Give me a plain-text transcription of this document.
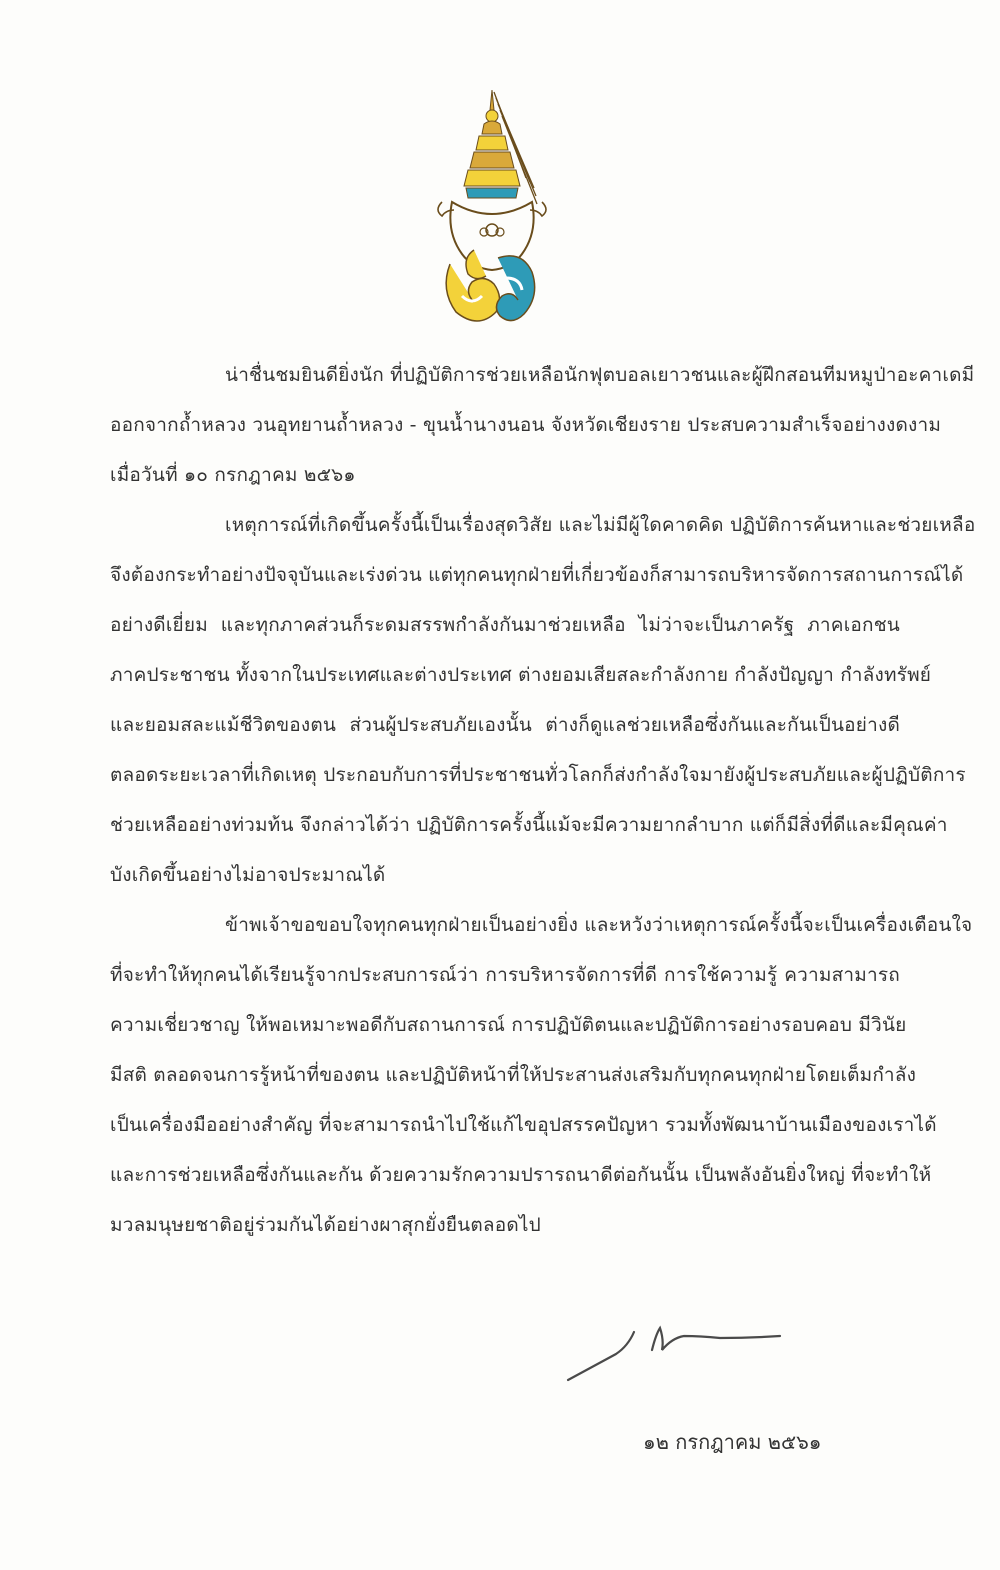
น่าชื่นชมยินดียิ่งนัก ที่ปฏิบัติการช่วยเหลือนักฟุตบอลเยาวชนและผู้ฝึกสอนทีมหมูป่าอะคาเดมี
ออกจากถ้ำหลวง วนอุทยานถ้ำหลวง - ขุนน้ำนางนอน จังหวัดเชียงราย ประสบความสำเร็จอย่างงดงาม
เมื่อวันที่ ๑๐ กรกฎาคม ๒๕๖๑
เหตุการณ์ที่เกิดขึ้นครั้งนี้เป็นเรื่องสุดวิสัย และไม่มีผู้ใดคาดคิด ปฏิบัติการค้นหาและช่วยเหลือ
จึงต้องกระทำอย่างปัจจุบันและเร่งด่วน แต่ทุกคนทุกฝ่ายที่เกี่ยวข้องก็สามารถบริหารจัดการสถานการณ์ได้
อย่างดีเยี่ยม และทุกภาคส่วนก็ระดมสรรพกำลังกันมาช่วยเหลือ ไม่ว่าจะเป็นภาครัฐ ภาคเอกชน
ภาคประชาชน ทั้งจากในประเทศและต่างประเทศ ต่างยอมเสียสละกำลังกาย กำลังปัญญา กำลังทรัพย์
และยอมสละแม้ชีวิตของตน ส่วนผู้ประสบภัยเองนั้น ต่างก็ดูแลช่วยเหลือซึ่งกันและกันเป็นอย่างดี
ตลอดระยะเวลาที่เกิดเหตุ ประกอบกับการที่ประชาชนทั่วโลกก็ส่งกำลังใจมายังผู้ประสบภัยและผู้ปฏิบัติการ
ช่วยเหลืออย่างท่วมท้น จึงกล่าวได้ว่า ปฏิบัติการครั้งนี้แม้จะมีความยากลำบาก แต่ก็มีสิ่งที่ดีและมีคุณค่า
บังเกิดขึ้นอย่างไม่อาจประมาณได้
ข้าพเจ้าขอขอบใจทุกคนทุกฝ่ายเป็นอย่างยิ่ง และหวังว่าเหตุการณ์ครั้งนี้จะเป็นเครื่องเตือนใจ
ที่จะทำให้ทุกคนได้เรียนรู้จากประสบการณ์ว่า การบริหารจัดการที่ดี การใช้ความรู้ ความสามารถ
ความเชี่ยวชาญ ให้พอเหมาะพอดีกับสถานการณ์ การปฏิบัติตนและปฏิบัติการอย่างรอบคอบ มีวินัย
มีสติ ตลอดจนการรู้หน้าที่ของตน และปฏิบัติหน้าที่ให้ประสานส่งเสริมกับทุกคนทุกฝ่ายโดยเต็มกำลัง
เป็นเครื่องมืออย่างสำคัญ ที่จะสามารถนำไปใช้แก้ไขอุปสรรคปัญหา รวมทั้งพัฒนาบ้านเมืองของเราได้
และการช่วยเหลือซึ่งกันและกัน ด้วยความรักความปรารถนาดีต่อกันนั้น เป็นพลังอันยิ่งใหญ่ ที่จะทำให้
มวลมนุษยชาติอยู่ร่วมกันได้อย่างผาสุกยั่งยืนตลอดไป
๑๒ กรกฎาคม ๒๕๖๑
